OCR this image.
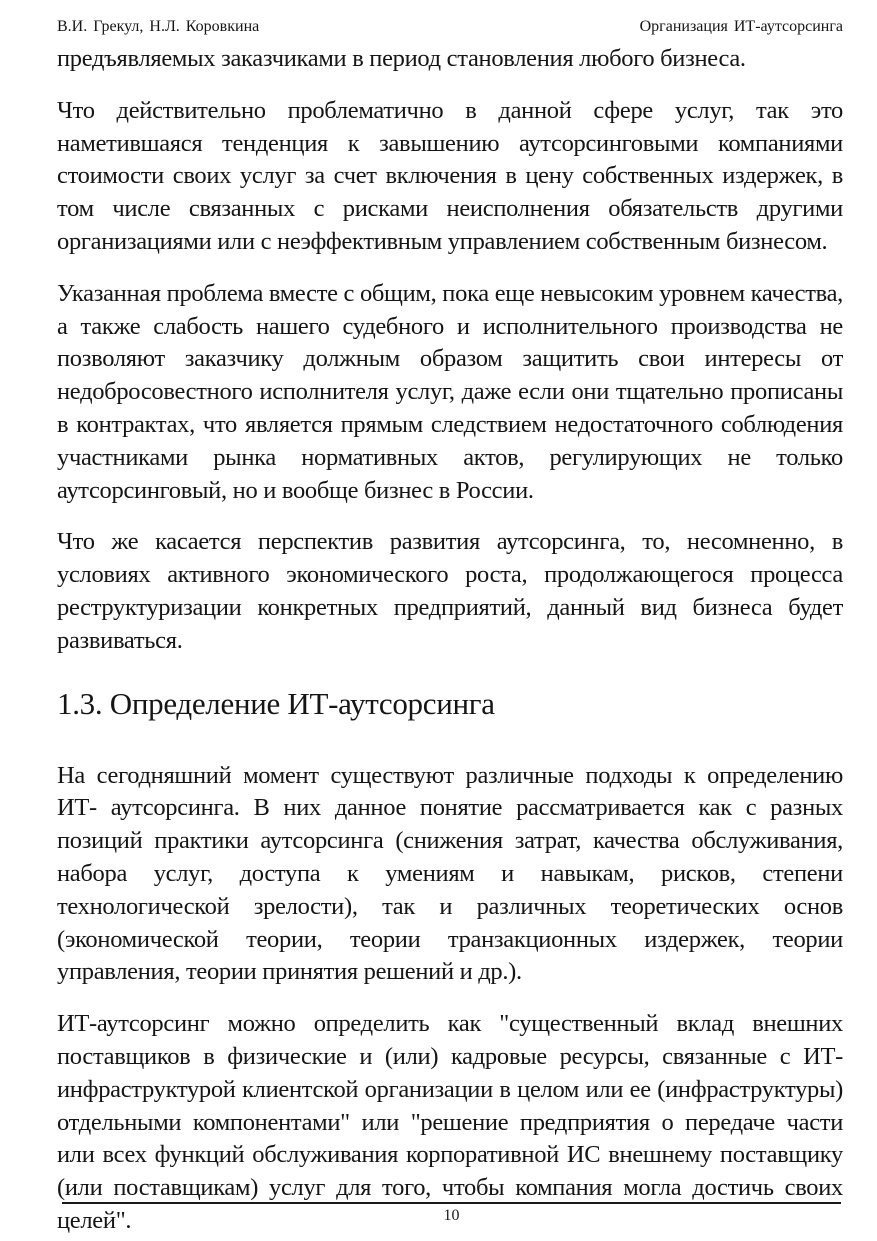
В.И. Грекул, Н.Л. Коровкина	Организация ИТ-аутсорсинга

предъявляемых заказчиками в период становления любого бизнеса.

Что действительно проблематично в данной сфере услуг, так это наметившаяся тенденция к завышению аутсорсинговыми компаниями стоимости своих услуг за счет включения в цену собственных издержек, в том числе связанных с рисками неисполнения обязательств другими организациями или с неэффективным управлением собственным бизнесом.

Указанная проблема вместе с общим, пока еще невысоким уровнем качества, а также слабость нашего судебного и исполнительного производства не позволяют заказчику должным образом защитить свои интересы от недобросовестного исполнителя услуг, даже если они тщательно прописаны в контрактах, что является прямым следствием недостаточного соблюдения участниками рынка нормативных актов, регулирующих не только аутсорсинговый, но и вообще бизнес в России.

Что же касается перспектив развития аутсорсинга, то, несомненно, в условиях активного экономического роста, продолжающегося процесса реструктуризации конкретных предприятий, данный вид бизнеса будет развиваться.

1.3. Определение ИТ-аутсорсинга

На сегодняшний момент существуют различные подходы к определению ИТ- аутсорсинга. В них данное понятие рассматривается как с разных позиций практики аутсорсинга (снижения затрат, качества обслуживания, набора услуг, доступа к умениям и навыкам, рисков, степени технологической зрелости), так и различных теоретических основ (экономической теории, теории транзакционных издержек, теории управления, теории принятия решений и др.).

ИТ-аутсорсинг можно определить как "существенный вклад внешних поставщиков в физические и (или) кадровые ресурсы, связанные с ИТ-инфраструктурой клиентской организации в целом или ее (инфраструктуры) отдельными компонентами" или "решение предприятия о передаче части или всех функций обслуживания корпоративной ИС внешнему поставщику (или поставщикам) услуг для того, чтобы компания могла достичь своих целей".	10
